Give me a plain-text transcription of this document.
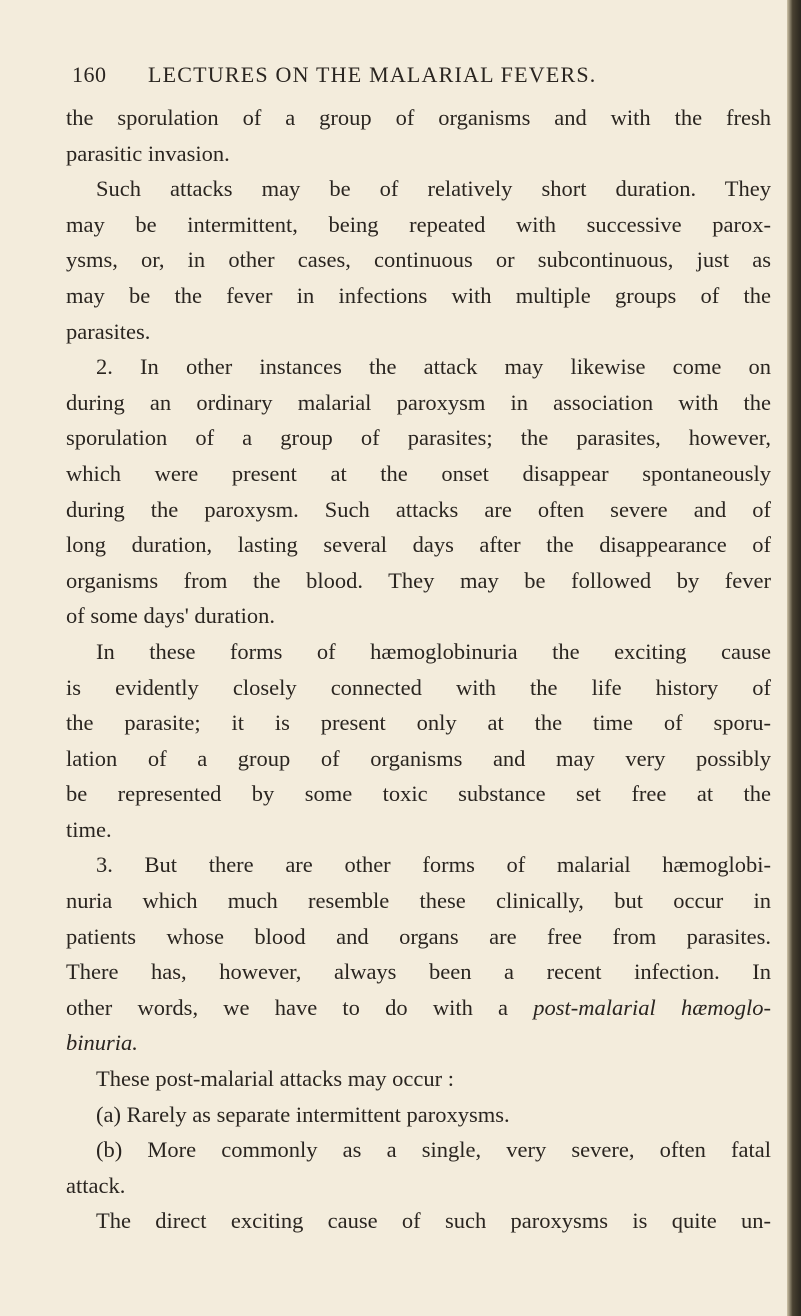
160 LECTURES ON THE MALARIAL FEVERS.
the sporulation of a group of organisms and with the fresh
parasitic invasion.
Such attacks may be of relatively short duration. They
may be intermittent, being repeated with successive parox-
ysms, or, in other cases, continuous or subcontinuous, just as
may be the fever in infections with multiple groups of the
parasites.
2. In other instances the attack may likewise come on
during an ordinary malarial paroxysm in association with the
sporulation of a group of parasites; the parasites, however,
which were present at the onset disappear spontaneously
during the paroxysm. Such attacks are often severe and of
long duration, lasting several days after the disappearance of
organisms from the blood. They may be followed by fever
of some days' duration.
In these forms of hæmoglobinuria the exciting cause
is evidently closely connected with the life history of
the parasite; it is present only at the time of sporu-
lation of a group of organisms and may very possibly
be represented by some toxic substance set free at the
time.
3. But there are other forms of malarial hæmoglobi-
nuria which much resemble these clinically, but occur in
patients whose blood and organs are free from parasites.
There has, however, always been a recent infection. In
other words, we have to do with a post-malarial hæmoglo-
binuria.
These post-malarial attacks may occur :
(a) Rarely as separate intermittent paroxysms.
(b) More commonly as a single, very severe, often fatal
attack.
The direct exciting cause of such paroxysms is quite un-
